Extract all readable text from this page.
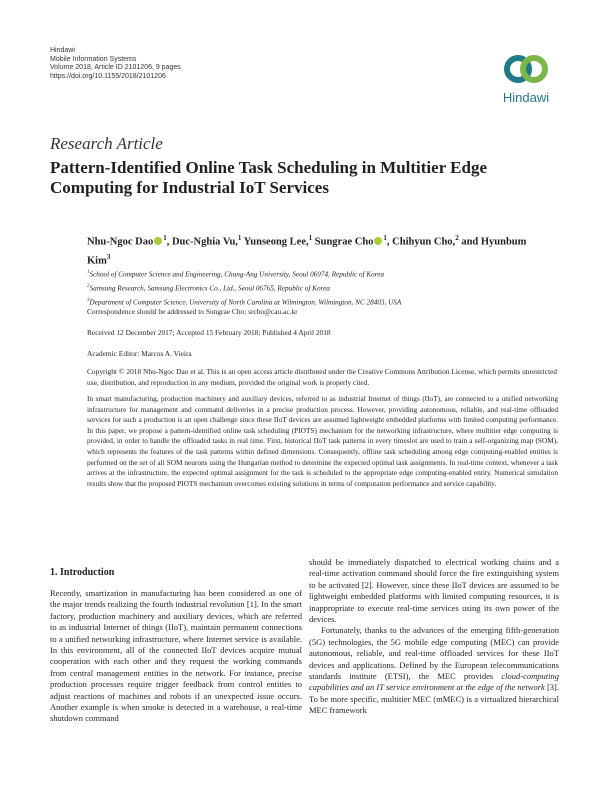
Hindawi
Mobile Information Systems
Volume 2018, Article ID 2101206, 9 pages
https://doi.org/10.1155/2018/2101206
Hindawi
Research Article
Pattern-Identified Online Task Scheduling in Multitier Edge Computing for Industrial IoT Services
Nhu-Ngoc Dao $^1$, Duc-Nghia Vu,$^1$ Yunseong Lee,$^1$ Sungrae Cho $^1$, Chihyun Cho,$^2$ and Hyunbum Kim$^3$
$^1$School of Computer Science and Engineering, Chung-Ang University, Seoul 06974, Republic of Korea
$^2$Samsung Research, Samsung Electronics Co., Ltd., Seoul 06765, Republic of Korea
$^3$Department of Computer Science, University of North Carolina at Wilmington, Wilmington, NC 28403, USA
Correspondence should be addressed to Sungrae Cho; srcho@cau.ac.kr
Received 12 December 2017; Accepted 15 February 2018; Published 4 April 2018
Academic Editor: Marcos A. Vieira
Copyright © 2018 Nhu-Ngoc Dao et al. This is an open access article distributed under the Creative Commons Attribution License, which permits unrestricted use, distribution, and reproduction in any medium, provided the original work is properly cited.
In smart manufacturing, production machinery and auxiliary devices, referred to as industrial Internet of things (IIoT), are connected to a unified networking infrastructure for management and command deliveries in a precise production process. However, providing autonomous, reliable, and real-time offloaded services for such a production is an open challenge since these IIoT devices are assumed lightweight embedded platforms with limited computing performance. In this paper, we propose a pattern-identified online task scheduling (PIOTS) mechanism for the networking infrastructure, where multitier edge computing is provided, in order to handle the offloaded tasks in real time. First, historical IIoT task patterns in every timeslot are used to train a self-organizing map (SOM), which represents the features of the task patterns within defined dimensions. Consequently, offline task scheduling among edge computing-enabled entities is performed on the set of all SOM neurons using the Hungarian method to determine the expected optimal task assignments. In real-time context, whenever a task arrives at the infrastructure, the expected optimal assignment for the task is scheduled to the appropriate edge computing-enabled entity. Numerical simulation results show that the proposed PIOTS mechanism overcomes existing solutions in terms of computation performance and service capability.
1. Introduction

Recently, smartization in manufacturing has been considered as one of the major trends realizing the fourth industrial revolution [1]. In the smart factory, production machinery and auxiliary devices, which are referred to as industrial Internet of things (IIoT), maintain permanent connections to a unified networking infrastructure, where Internet service is available. In this environment, all of the connected IIoT devices acquire mutual cooperation with each other and they request the working commands from central management entities in the network. For instance, precise production processes require trigger feedback from control entities to adjust reactions of machines and robots if an unexpected issue occurs. Another example is when smoke is detected in a warehouse, a real-time shutdown command

should be immediately dispatched to electrical working chains and a real-time activation command should force the fire extinguishing system to be activated [2]. However, since these IIoT devices are assumed to be lightweight embedded platforms with limited computing resources, it is inappropriate to execute real-time services using its own power of the devices.

Fortunately, thanks to the advances of the emerging fifth-generation (5G) technologies, the 5G mobile edge computing (MEC) can provide autonomous, reliable, and real-time offloaded services for these IIoT devices and applications. Defined by the European telecommunications standards institute (ETSI), the MEC provides cloud-computing capabilities and an IT service environment at the edge of the network [3]. To be more specific, multitier MEC (mMEC) is a virtualized hierarchical MEC framework
